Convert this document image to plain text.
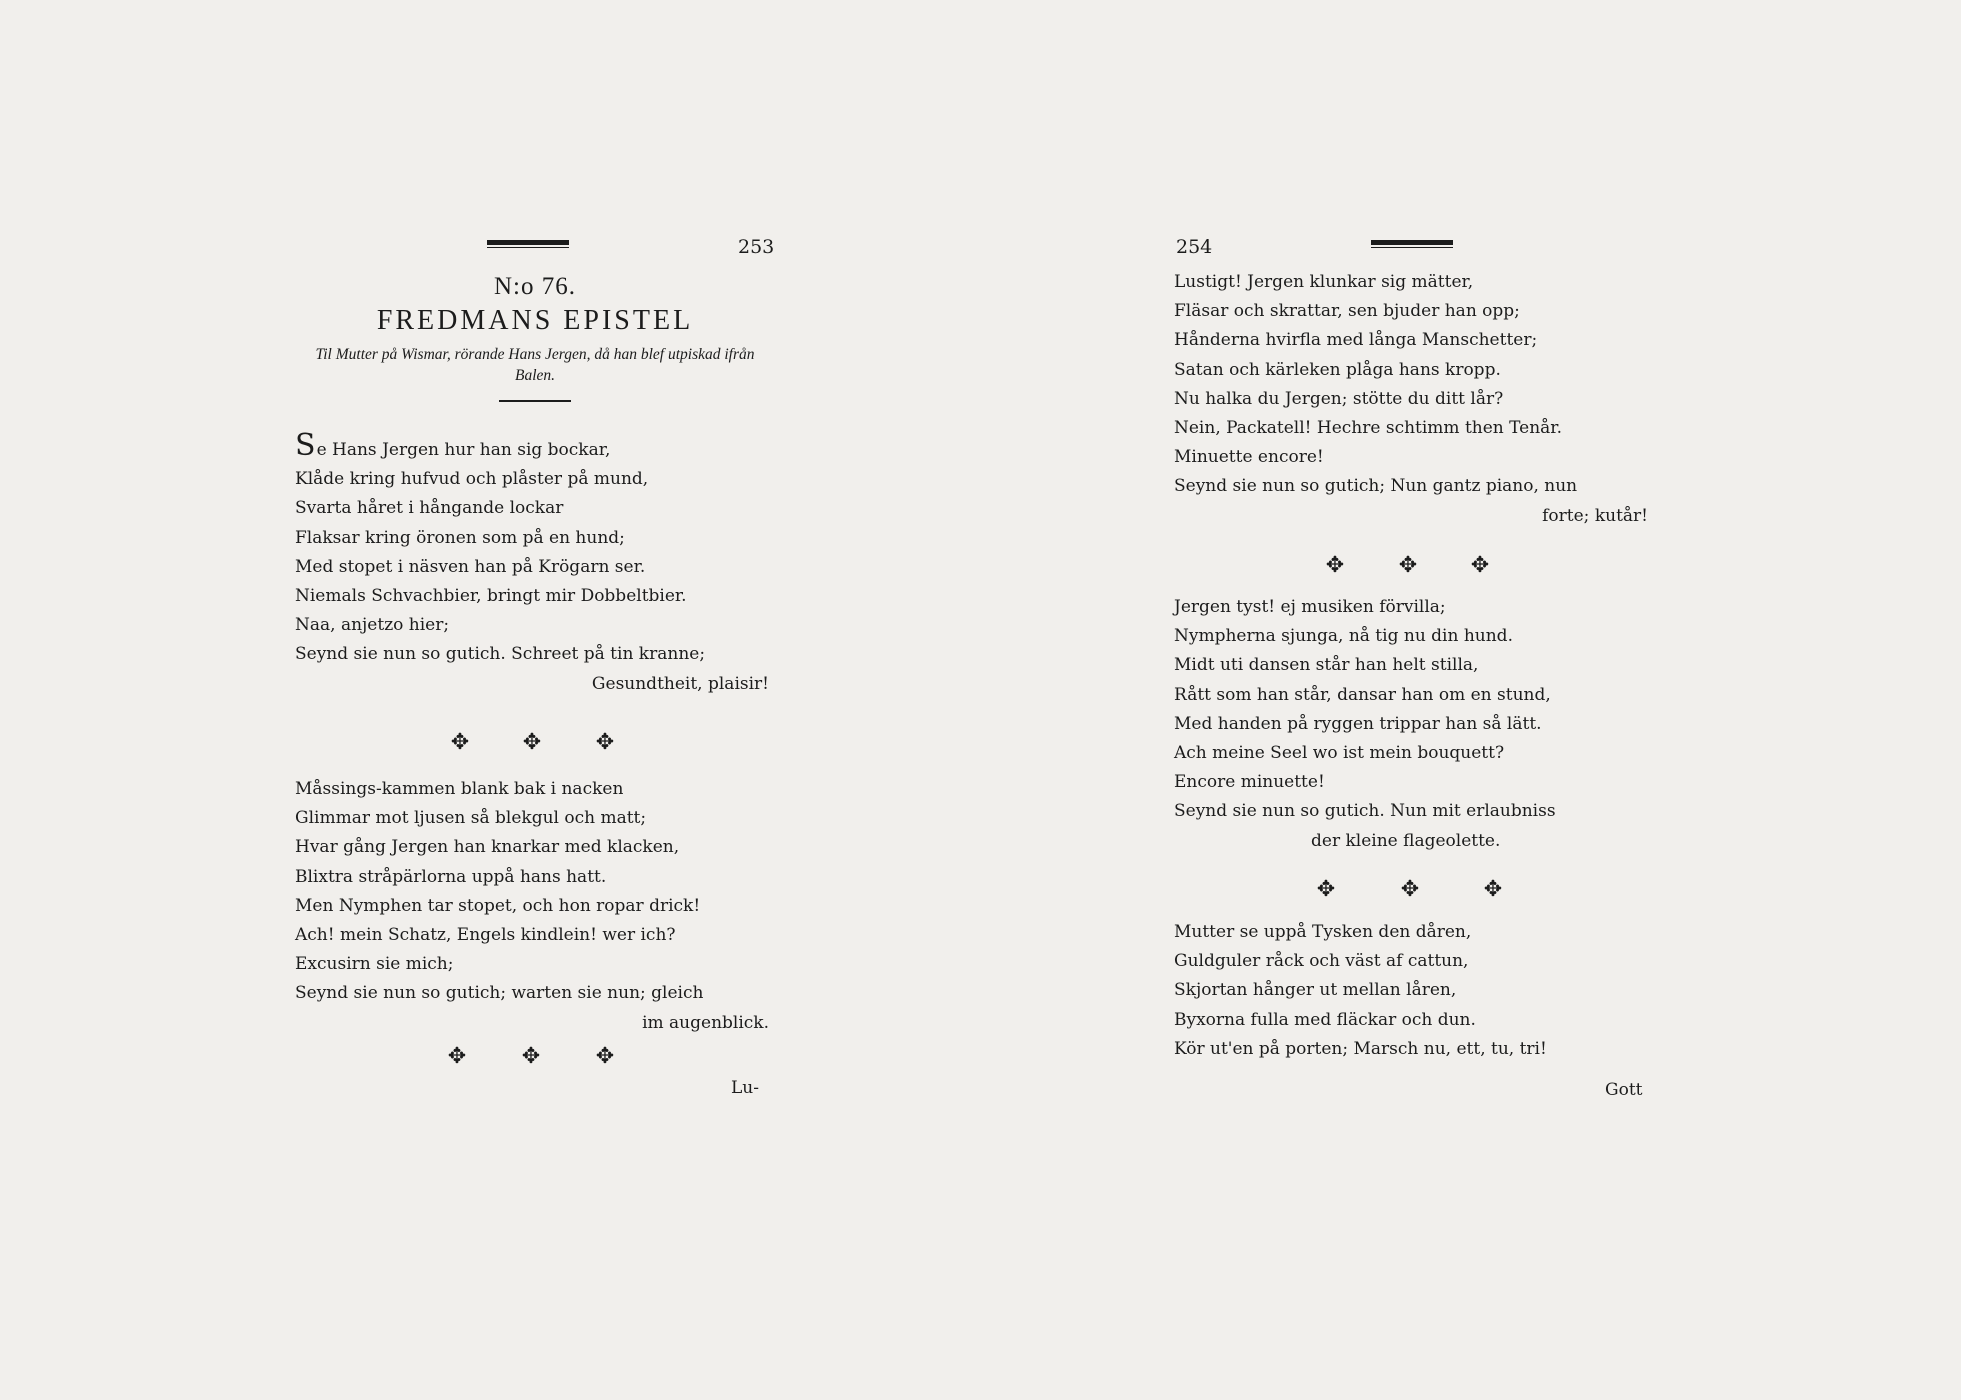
253

N:o 76.

FREDMANS EPISTEL

Til Mutter på Wismar, rörande Hans Jergen, då han blef utpiskad ifrån Balen.

Se Hans Jergen hur han sig bockar,
Klåde kring hufvud och plåster på mund,
Svarta håret i hångande lockar
Flaksar kring öronen som på en hund;
Med stopet i näsven han på Krögarn ser.
Niemals Schvachbier, bringt mir Dobbeltbier.
Naa, anjetzo hier;
Seynd sie nun so gutich. Schreet på tin kranne;
Gesundtheit, plaisir!
✥ ✥ ✥
Måssings-kammen blank bak i nacken
Glimmar mot ljusen så blekgul och matt;
Hvar gång Jergen han knarkar med klacken,
Blixtra stråpärlorna uppå hans hatt.
Men Nymphen tar stopet, och hon ropar drick!
Ach! mein Schatz, Engels kindlein! wer ich?
Excusirn sie mich;
Seynd sie nun so gutich; warten sie nun; gleich
im augenblick.
✥	✥	✥
Lu-
254
Lustigt! Jergen klunkar sig mätter,
Fläsar och skrattar, sen bjuder han opp;
Hånderna hvirfla med långa Manschetter;
Satan och kärleken plåga hans kropp.
Nu halka du Jergen; stötte du ditt lår?
Nein, Packatell! Hechre schtimm then Tenår.
Minuette encore!
Seynd sie nun so gutich; Nun gantz piano, nun
forte; kutår!
✥ ✥ ✥
Jergen tyst! ej musiken förvilla;
Nympherna sjunga, nå tig nu din hund.
Midt uti dansen står han helt stilla,
Rått som han står, dansar han om en stund,
Med handen på ryggen trippar han så lätt.
Ach meine Seel wo ist mein bouquett?
Encore minuette!
Seynd sie nun so gutich. Nun mit erlaubniss
der kleine flageolette.
✥	✥	✥
Mutter se uppå Tysken den dåren,
Guldguler råck och väst af cattun,
Skjortan hånger ut mellan låren,
Byxorna fulla med fläckar och dun.
Kör ut'en på porten; Marsch nu, ett, tu, tri!
Gott
